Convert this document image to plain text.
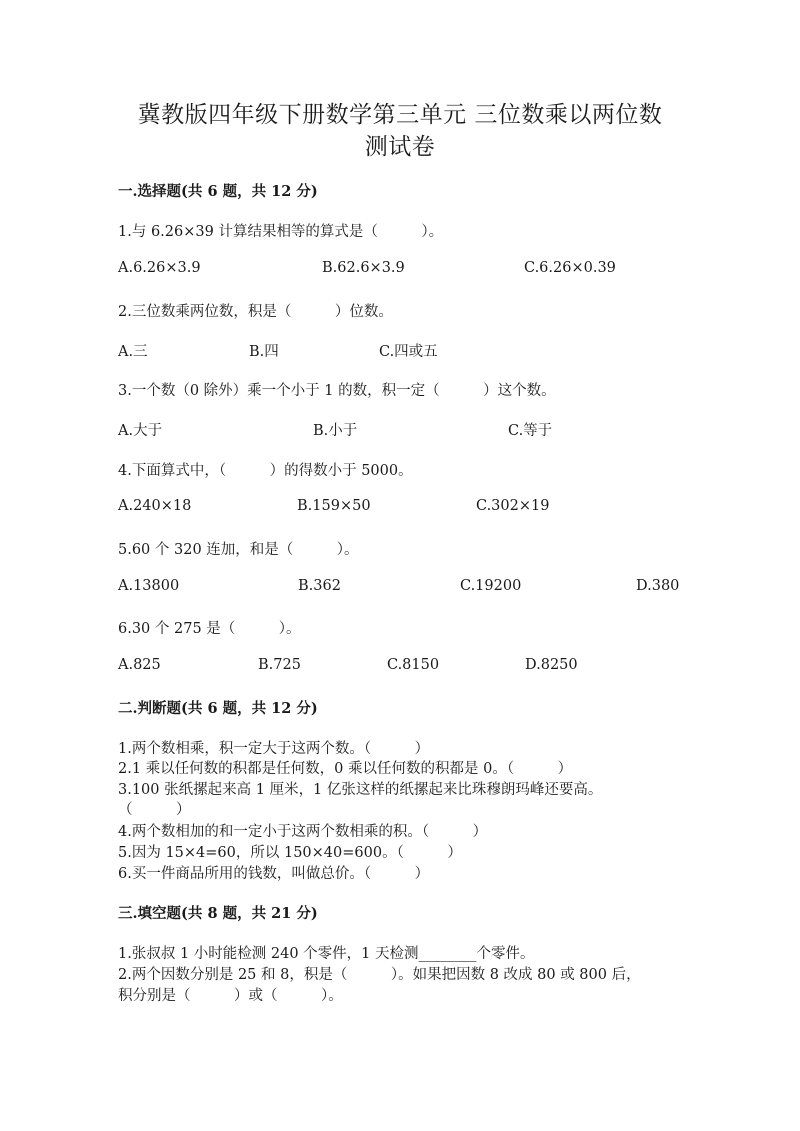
冀教版四年级下册数学第三单元 三位数乘以两位数
测试卷
一.选择题(共 6 题，共 12 分)
1.与 6.26×39 计算结果相等的算式是（　　　）。
A.6.26×3.9	B.62.6×3.9	C.6.26×0.39
2.三位数乘两位数，积是（　　　）位数。
A.三	B.四	C.四或五
3.一个数（0 除外）乘一个小于 1 的数，积一定（　　　）这个数。
A.大于	B.小于	C.等于
4.下面算式中，（　　　）的得数小于 5000。
A.240×18	B.159×50	C.302×19
5.60 个 320 连加，和是（　　　）。
A.13800	B.362	C.19200	D.380
6.30 个 275 是（　　　）。
A.825	B.725	C.8150	D.8250
二.判断题(共 6 题，共 12 分)
1.两个数相乘，积一定大于这两个数。（　　　）
2.1 乘以任何数的积都是任何数，0 乘以任何数的积都是 0。（　　　）
3.100 张纸摞起来高 1 厘米，1 亿张这样的纸摞起来比珠穆朗玛峰还要高。
（　　　）
4.两个数相加的和一定小于这两个数相乘的积。（　　　）
5.因为 15×4=60，所以 150×40=600。（　　　）
6.买一件商品所用的钱数，叫做总价。（　　　）
三.填空题(共 8 题，共 21 分)
1.张叔叔 1 小时能检测 240 个零件，1 天检测________个零件。
2.两个因数分别是 25 和 8，积是（　　　）。如果把因数 8 改成 80 或 800 后，
积分别是（　　　）或（　　　）。
